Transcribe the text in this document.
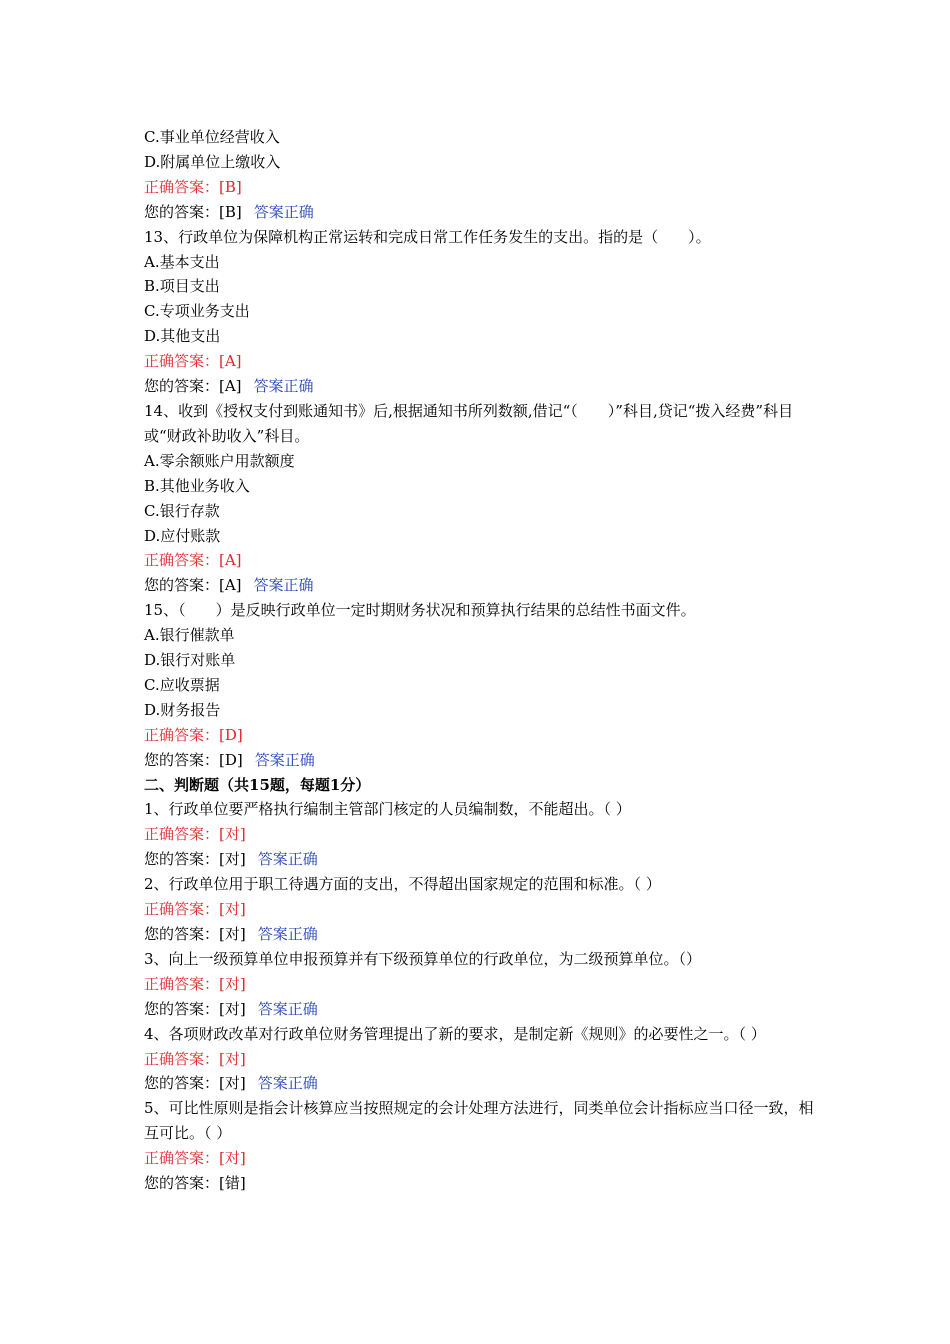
C.事业单位经营收入

D.附属单位上缴收入

正确答案：[B]

您的答案：[B] 答案正确

13、行政单位为保障机构正常运转和完成日常工作任务发生的支出。指的是（　　）。

A.基本支出

B.项目支出

C.专项业务支出

D.其他支出

正确答案：[A]

您的答案：[A] 答案正确

14、收到《授权支付到账通知书》后,根据通知书所列数额,借记“（　　）”科目,贷记“拨入经费”科目或“财政补助收入”科目。

A.零余额账户用款额度

B.其他业务收入

C.银行存款

D.应付账款

正确答案：[A]

您的答案：[A] 答案正确

15、（　　）是反映行政单位一定时期财务状况和预算执行结果的总结性书面文件。

A.银行催款单

D.银行对账单

C.应收票据

D.财务报告

正确答案：[D]

您的答案：[D] 答案正确

二、判断题（共15题，每题1分）

1、行政单位要严格执行编制主管部门核定的人员编制数，不能超出。（ ）

正确答案：[对]

您的答案：[对] 答案正确

2、行政单位用于职工待遇方面的支出，不得超出国家规定的范围和标准。（ ）

正确答案：[对]

您的答案：[对] 答案正确

3、向上一级预算单位申报预算并有下级预算单位的行政单位，为二级预算单位。（）

正确答案：[对]

您的答案：[对] 答案正确

4、各项财政改革对行政单位财务管理提出了新的要求，是制定新《规则》的必要性之一。（ ）

正确答案：[对]

您的答案：[对] 答案正确

5、可比性原则是指会计核算应当按照规定的会计处理方法进行，同类单位会计指标应当口径一致，相互可比。（ ）

正确答案：[对]

您的答案：[错]
